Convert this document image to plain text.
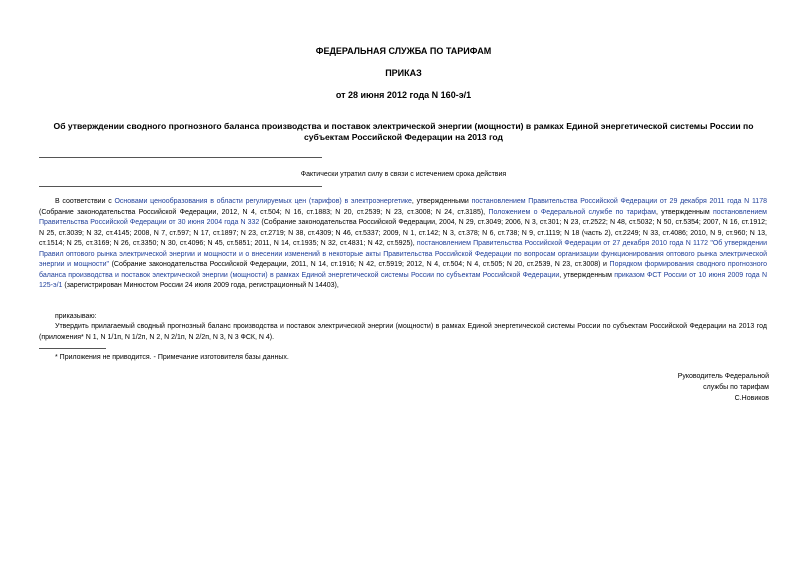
ФЕДЕРАЛЬНАЯ СЛУЖБА ПО ТАРИФАМ
ПРИКАЗ
от 28 июня 2012 года N 160-э/1
Об утверждении сводного прогнозного баланса производства и поставок электрической энергии (мощности) в рамках Единой энергетической системы России по
субъектам Российской Федерации на 2013 год
Фактически утратил силу в связи с истечением срока действия
В соответствии с Основами ценообразования в области регулируемых цен (тарифов) в электроэнергетике, утвержденными постановлением Правительства Российской Федерации от 29 декабря 2011 года N 1178 (Собрание законодательства Российской Федерации, 2012, N 4, ст.504; N 16, ст.1883; N 20, ст.2539; N 23, ст.3008; N 24, ст.3185), Положением о Федеральной службе по тарифам, утвержденным постановлением Правительства Российской Федерации от 30 июня 2004 года N 332 (Собрание законодательства Российской Федерации, 2004, N 29, ст.3049; 2006, N 3, ст.301; N 23, ст.2522; N 48, ст.5032; N 50, ст.5354; 2007, N 16, ст.1912; N 25, ст.3039; N 32, ст.4145; 2008, N 7, ст.597; N 17, ст.1897; N 23, ст.2719; N 38, ст.4309; N 46, ст.5337; 2009, N 1, ст.142; N 3, ст.378; N 6, ст.738; N 9, ст.1119; N 18 (часть 2), ст.2249; N 33, ст.4086; 2010, N 9, ст.960; N 13, ст.1514; N 25, ст.3169; N 26, ст.3350; N 30, ст.4096; N 45, ст.5851; 2011, N 14, ст.1935; N 32, ст.4831; N 42, ст.5925), постановлением Правительства Российской Федерации от 27 декабря 2010 года N 1172 "Об утверждении Правил оптового рынка электрической энергии и мощности и о внесении изменений в некоторые акты Правительства Российской Федерации по вопросам организации функционирования оптового рынка электрической энергии и мощности" (Собрание законодательства Российской Федерации, 2011, N 14, ст.1916; N 42, ст.5919; 2012, N 4, ст.504; N 4, ст.505; N 20, ст.2539, N 23, ст.3008) и Порядком формирования сводного прогнозного баланса производства и поставок электрической энергии (мощности) в рамках Единой энергетической системы России по субъектам Российской Федерации, утвержденным приказом ФСТ России от 10 июня 2009 года N 125-э/1 (зарегистрирован Минюстом России 24 июля 2009 года, регистрационный N 14403),
приказываю:
Утвердить прилагаемый сводный прогнозный баланс производства и поставок электрической энергии (мощности) в рамках Единой энергетической системы России по субъектам Российской Федерации на 2013 год (приложения* N 1, N 1/1п, N 1/2п, N 2, N 2/1п, N 2/2п, N 3, N 3 ФСК, N 4).
* Приложения не приводится. - Примечание изготовителя базы данных.
Руководитель Федеральной
службы по тарифам
С.Новиков
